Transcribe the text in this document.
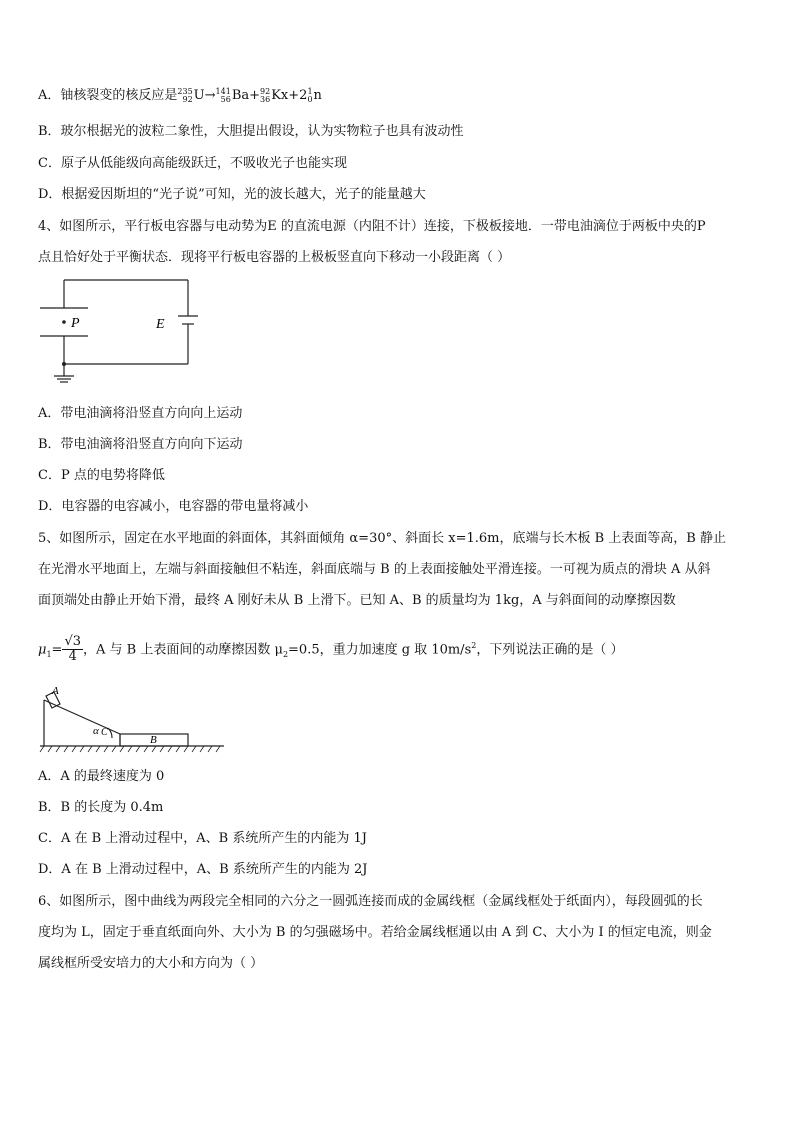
A．铀核裂变的核反应是 235
92 U→ 141
56 Ba+ 92
36 Kx+2 1
0 n
B．玻尔根据光的波粒二象性，大胆提出假设，认为实物粒子也具有波动性
C．原子从低能级向高能级跃迁，不吸收光子也能实现
D．根据爱因斯坦的“光子说”可知，光的波长越大，光子的能量越大
4、如图所示，平行板电容器与电动势为E 的直流电源（内阻不计）连接，下极板接地．一带电油滴位于两板中央的P
点且恰好处于平衡状态．现将平行板电容器的上极板竖直向下移动一小段距离（ ）
P	E
A．带电油滴将沿竖直方向向上运动
B．带电油滴将沿竖直方向向下运动
C．P 点的电势将降低
D．电容器的电容减小，电容器的带电量将减小
5、如图所示，固定在水平地面的斜面体，其斜面倾角 α=30°、斜面长 x=1.6m，底端与长木板 B 上表面等高，B 静止
在光滑水平地面上，左端与斜面接触但不粘连，斜面底端与 B 的上表面接触处平滑连接。一可视为质点的滑块 A 从斜
面顶端处由静止开始下滑，最终 A 刚好未从 B 上滑下。已知 A、B 的质量均为 1kg，A 与斜面间的动摩擦因数
$\mu_1= \frac{√3}{4}$ ，A 与 B 上表面间的动摩擦因数 $\mu_2=0.5$，重力加速度 g 取 $10m/s^2$，下列说法正确的是（ ）
A
α C
B
A．A 的最终速度为 0
B．B 的长度为 0.4m
C．A 在 B 上滑动过程中，A、B 系统所产生的内能为 1J
D．A 在 B 上滑动过程中，A、B 系统所产生的内能为 2J
6、如图所示，图中曲线为两段完全相同的六分之一圆弧连接而成的金属线框（金属线框处于纸面内），每段圆弧的长
度均为 L，固定于垂直纸面向外、大小为 B 的匀强磁场中。若给金属线框通以由 A 到 C、大小为 I 的恒定电流，则金
属线框所受安培力的大小和方向为（ ）
